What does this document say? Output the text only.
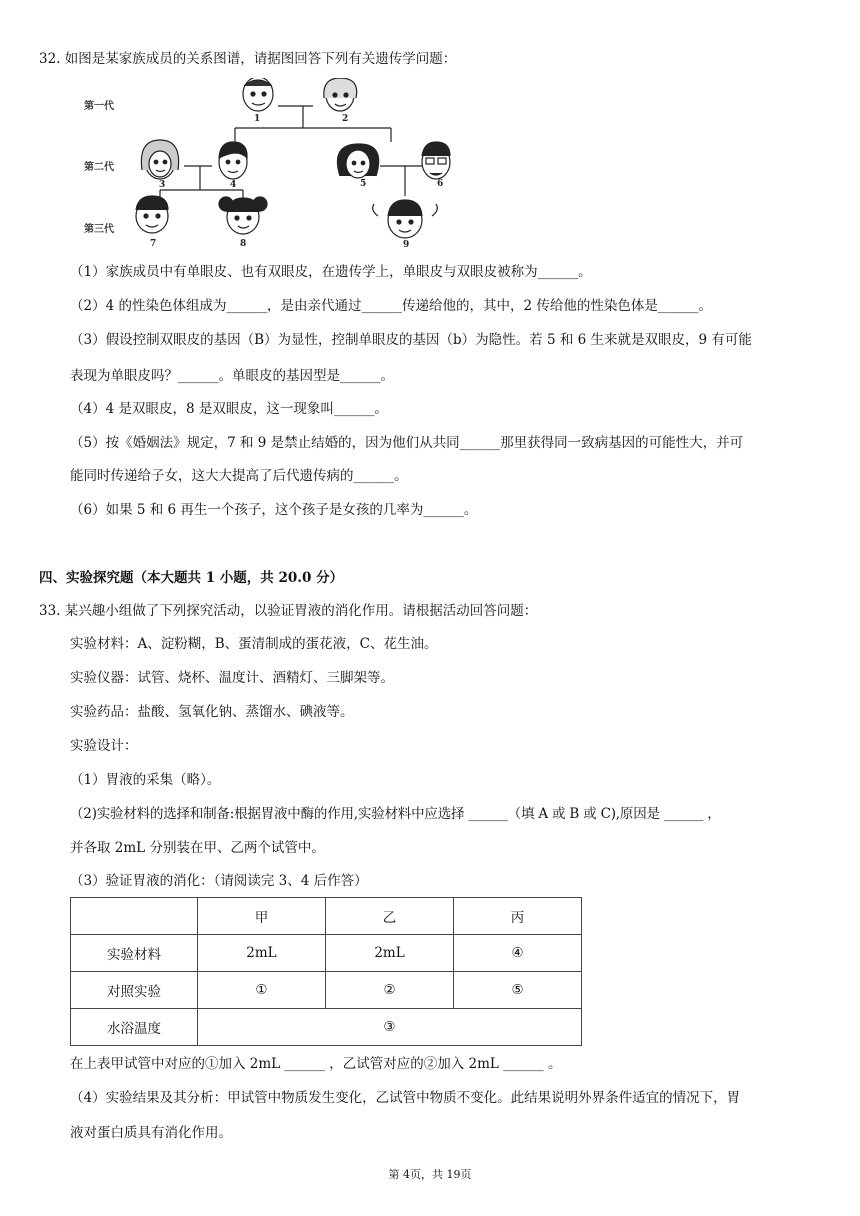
32. 如图是某家族成员的关系图谱，请据图回答下列有关遗传学问题：
第一代
第二代
第三代
1	2
3	4	5	6
7	8	9
（1）家族成员中有单眼皮、也有双眼皮，在遗传学上，单眼皮与双眼皮被称为______。
（2）4 的性染色体组成为______，是由亲代通过______传递给他的，其中，2 传给他的性染色体是______。
（3）假设控制双眼皮的基因（B）为显性，控制单眼皮的基因（b）为隐性。若 5 和 6 生来就是双眼皮，9 有可能
表现为单眼皮吗？______。单眼皮的基因型是______。
（4）4 是双眼皮，8 是双眼皮，这一现象叫______。
（5）按《婚姻法》规定，7 和 9 是禁止结婚的，因为他们从共同______那里获得同一致病基因的可能性大，并可
能同时传递给子女，这大大提高了后代遗传病的______。
（6）如果 5 和 6 再生一个孩子，这个孩子是女孩的几率为______。
四、实验探究题（本大题共 1 小题，共 20.0 分）
33. 某兴趣小组做了下列探究活动，以验证胃液的消化作用。请根据活动回答问题：
实验材料：A、淀粉糊，B、蛋清制成的蛋花液，C、花生油。
实验仪器：试管、烧杯、温度计、酒精灯、三脚架等。
实验药品：盐酸、氢氧化钠、蒸馏水、碘液等。
实验设计：
（1）胃液的采集（略）。
（2)实验材料的选择和制备:根据胃液中酶的作用,实验材料中应选择 ______（填 A 或 B 或 C),原因是 ______ ，
并各取 2mL 分别装在甲、乙两个试管中。
（3）验证胃液的消化：（请阅读完 3、4 后作答）
	甲	乙	丙
实验材料	2mL	2mL	④
对照实验	①	②	⑤
水浴温度	③		
在上表甲试管中对应的①加入 2mL ______ ，乙试管对应的②加入 2mL ______ 。
（4）实验结果及其分析：甲试管中物质发生变化，乙试管中物质不变化。此结果说明外界条件适宜的情况下，胃
液对蛋白质具有消化作用。
第 4页，共 19页
